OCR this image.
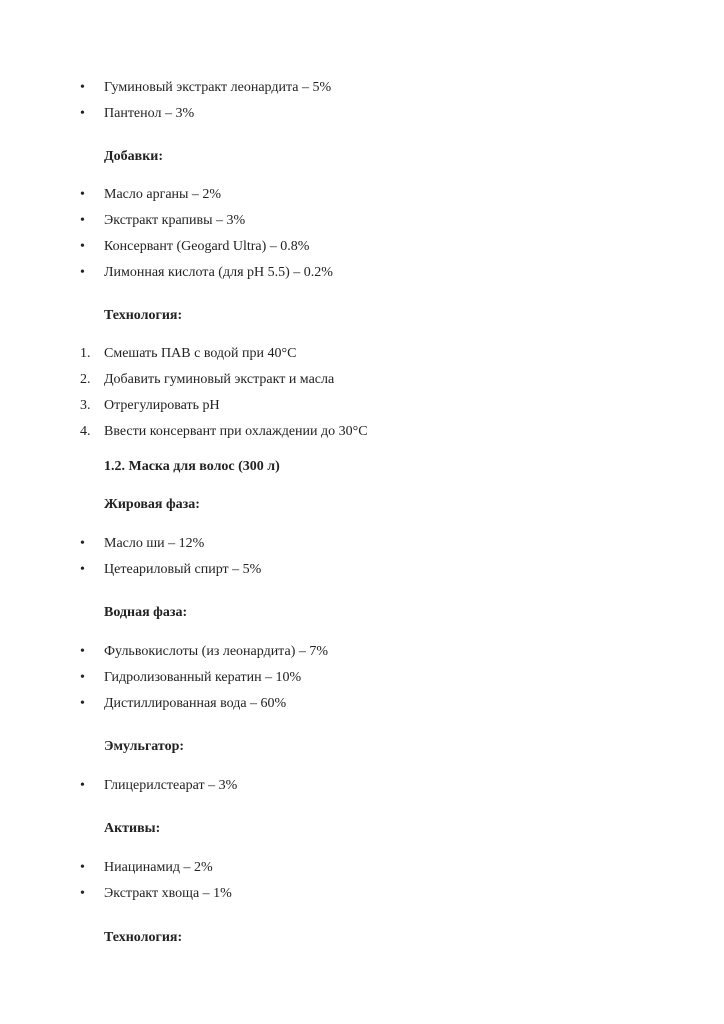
• Гуминовый экстракт леонардита – 5%
• Пантенол – 3%
Добавки:
• Масло арганы – 2%
• Экстракт крапивы – 3%
• Консервант (Geogard Ultra) – 0.8%
• Лимонная кислота (для pH 5.5) – 0.2%
Технология:
1. Смешать ПАВ с водой при 40°C
2. Добавить гуминовый экстракт и масла
3. Отрегулировать pH
4. Ввести консервант при охлаждении до 30°C
1.2. Маска для волос (300 л)
Жировая фаза:
• Масло ши – 12%
• Цетеариловый спирт – 5%
Водная фаза:
• Фульвокислоты (из леонардита) – 7%
• Гидролизованный кератин – 10%
• Дистиллированная вода – 60%
Эмульгатор:
• Глицерилстеарат – 3%
Активы:
• Ниацинамид – 2%
• Экстракт хвоща – 1%
Технология:
